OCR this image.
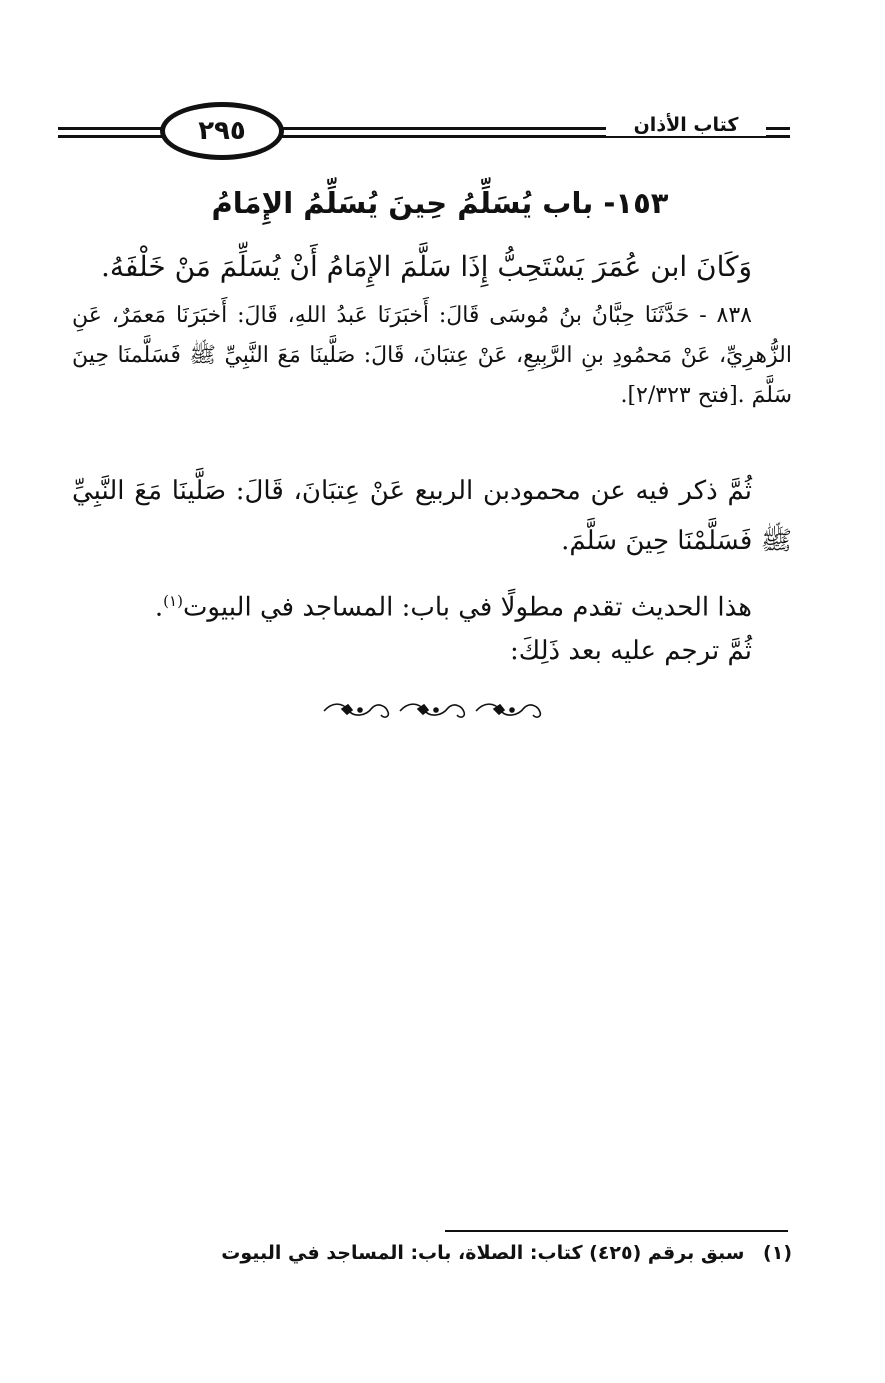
٢٩٥	كتاب الأذان
١٥٣- باب يُسَلِّمُ حِينَ يُسَلِّمُ الإِمَامُ
وَكَانَ ابن عُمَرَ يَسْتَحِبُّ إِذَا سَلَّمَ الإِمَامُ أَنْ يُسَلِّمَ مَنْ خَلْفَهُ.
٨٣٨ - حَدَّثَنَا حِبَّانُ بنُ مُوسَى قَالَ: أَخبَرَنَا عَبدُ اللهِ، قَالَ: أَخبَرَنَا مَعمَرٌ، عَنِ الزُّهرِيِّ، عَنْ مَحمُودِ بنِ الرَّبِيعِ، عَنْ عِتبَانَ، قَالَ: صَلَّينَا مَعَ النَّبِيِّ ﷺ فَسَلَّمنَا حِينَ سَلَّمَ .[فتح ٢/٣٢٣].
ثُمَّ ذكر فيه عن محمودبن الربيع عَنْ عِتبَانَ، قَالَ: صَلَّينَا مَعَ النَّبِيِّ ﷺ فَسَلَّمْنَا حِينَ سَلَّمَ.
هذا الحديث تقدم مطولًا في باب: المساجد في البيوت$^{(١)}$.
ثُمَّ ترجم عليه بعد ذَلِكَ:
(١) سبق برقم (٤٢٥) كتاب: الصلاة، باب: المساجد في البيوت
